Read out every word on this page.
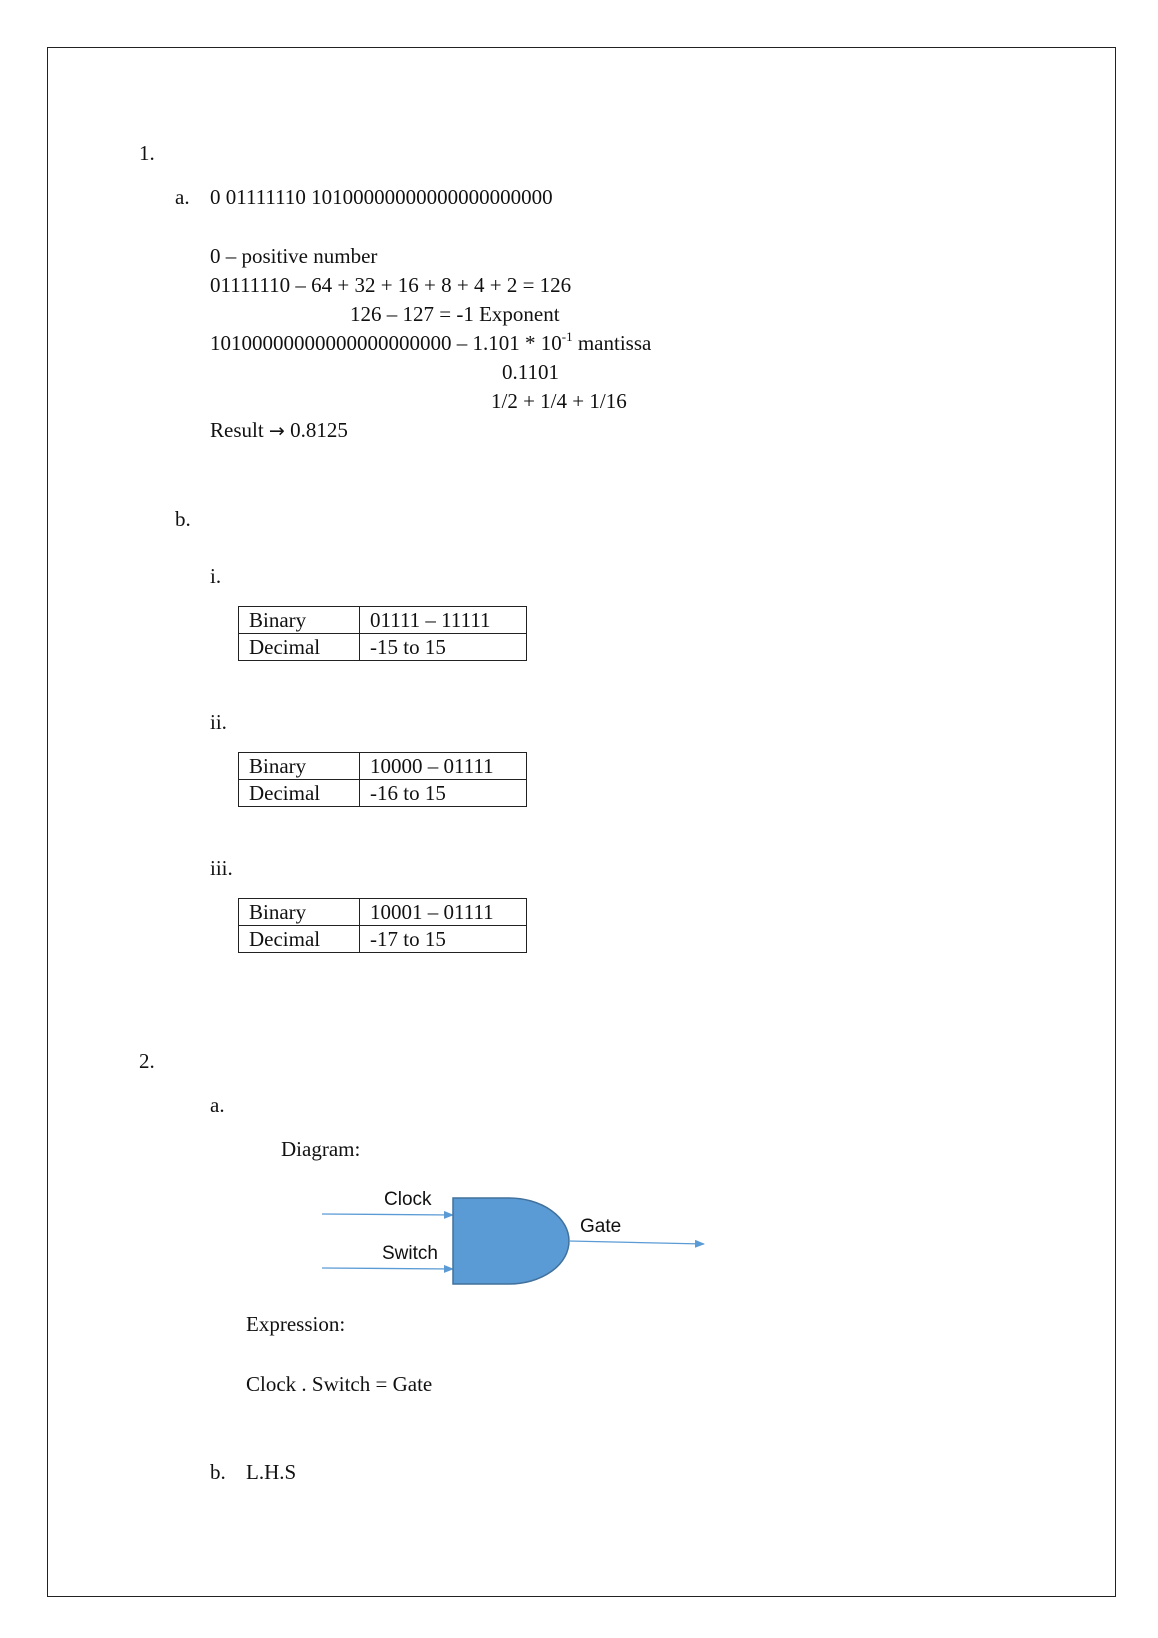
1.
a. 0 01111110 10100000000000000000000
0 – positive number
01111110 – 64 + 32 + 16 + 8 + 4 + 2 = 126
126 – 127 = -1 Exponent
$10100000000000000000000 - 1.101 * 10^{-1}$ mantissa
0.1101
1/2 + 1/4 + 1/16
Result → 0.8125
b.
i.
Binary	01111 – 11111
Decimal	-15 to 15
ii.
Binary	10000 – 01111
Decimal	-16 to 15
iii.
Binary	10001 – 01111
Decimal	-17 to 15
2.
a.
Diagram:
Clock
Switch
Gate
Expression:
Clock . Switch = Gate
b. L.H.S
